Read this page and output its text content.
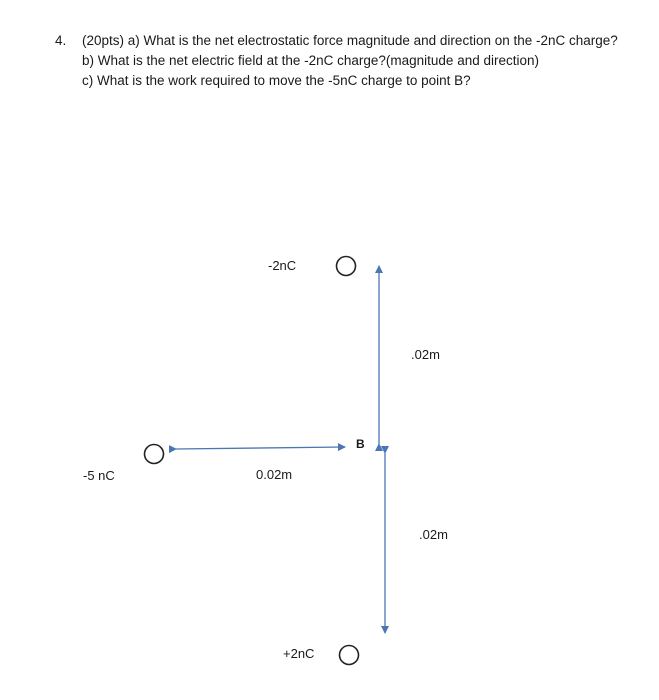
4. (20pts) a) What is the net electrostatic force magnitude and direction on the -2nC charge?
b) What is the net electric field at the -2nC charge?(magnitude and direction)
c) What is the work required to move the -5nC charge to point B?
-2nC
.02m
B
-5 nC	0.02m
.02m
+2nC
